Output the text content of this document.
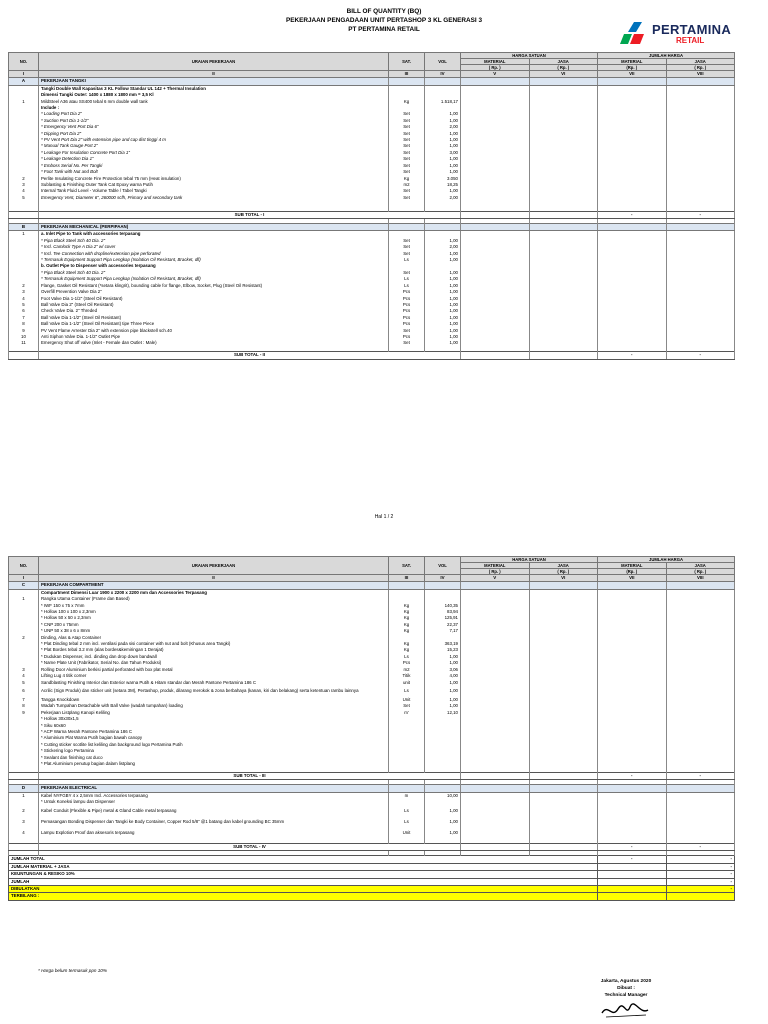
BILL OF QUANTITY (BQ)
PEKERJAAN PENGADAAN UNIT PERTASHOP 3 KL GENERASI 3
PT PERTAMINA RETAIL	PERTAMINA
RETAIL
NO.	URAIAN PEKERJAAN	SAT.	VOL	HARGA SATUAN		JUMLAH HARGA	
				MATERIAL	JASA	MATERIAL	JASA
				( Rp. )	( Rp. )	(Rp. )	( Rp. )
I	II	III	IV	V	VI	VII	VIII
A	PEKERJAAN TANGKI						
	Tangki Double Wall Kapasitas 3 KL Follow Standar UL 142 + Thermal Insulation						
	Dimensi Tangki Outer: 1400 x 1880 x 1800 mm = 3,5 Kl						
1	MildSteel A36 atau SS400 tebal 6 mm double wall tank	Kg	1.518,17				
	Include :						
	* Loading Port Dia 2"	Set	1,00				
	* Suction Port Dia 1-1/2"	Set	1,00				
	* Emergency Vent Port Dia 6"	Set	2,00				
	* Dipping Port Dia 2"	Set	1,00				
	* PV Vent Port Dia 2" with extension pipe and cap dist tinggi 4 m	Set	1,00				
	* Manual Tank Gauge Port 2"	Set	1,00				
	* Leakage For Insulation Concrete Port Dia 1"	Set	3,00				
	* Leakage Detection Dia 1"	Set	1,00				
	* Emboss Serial No. Per Tangki	Set	1,00				
	* Foot Tank with Nut and Bolt	Set	1,00				
2	Perlite Insulating Concrete Fire Protection tebal 75 mm (Heat insulation)	Kg	3.050				
3	Sublasting & Finishing Outer Tank Cat Epoxy warna Putih	m2	18,25				
4	Internal Tank Fluid Level - Volume Table / Tabel Tangki	Set	1,00				
5	Emergency Vent, Diameter 6", 260000 scfh, Primary and secondary tank	Set	2,00				

	SUB TOTAL - I					-	-

B	PEKERJAAN MECHANICAL (PERPIPAAN)						
1	a. Inlet Pipe to Tank with accessories terpasang						
	* Pipa Black Steel Sch 40 Dia. 2"	Set	1,00				
	* Incl. Camlock Type A Dia 2" w/ cover	Set	2,00				
	* Incl. Tee Connection with dropline/extension pipe perforated	Set	1,00				
	* Termasuk Equipment Support Pipa Lengkap (Isolation Oil Resistant, Bracket, dll)	Ls	1,00				
	b. Outlet Pipe to Dispenser with accessories terpasang						
	* Pipa Black Steel Sch 40 Dia. 2"	Set	1,00				
	* Termasuk Equipment Support Pipa Lengkap (Isolation Oil Resistant, Bracket, dll)	Ls	1,00				
2	Flange, Gasket Oil Resistant (*setara klingrit), bounding cable for flange, Elbow, Socket, Plug (Steel Oil Resistant)	Ls	1,00				
3	Overfill Prevention Valve Dia 2"	Pcs	1,00				
4	Foot Valve Dia 1-1/2" (Steel Oil Resistant)	Pcs	1,00				
5	Ball Valve Dia 2" (Steel Oil Resistant)	Pcs	1,00				
6	Check Valve Dia. 2" Threded	Pcs	1,00				
7	Ball Valve Dia 1-1/2" (Steel Oil Resistant)	Pcs	1,00				
8	Ball Valve Dia 1-1/2" (Steel Oil Resistant) tipe Three Piece	Pcs	1,00				
9	PV Vent Flame Arrester Dia 2" with extension pipe blackstell sch.40	Set	1,00				
10	Anti Siphon Valve Dia. 1-1/2" Outlet Pipe	Pcs	1,00				
11	Emergency Shut off valve (Inlet - Female dan Outlet : Male)	Set	1,00				

	SUB TOTAL - II					-	-
Hal 1 / 2
NO.	URAIAN PEKERJAAN	SAT.	VOL	HARGA SATUAN		JUMLAH HARGA	
				MATERIAL	JASA	MATERIAL	JASA
				( Rp. )	( Rp. )	(Rp. )	( Rp. )
I	II	III	IV	V	VI	VII	VIII
C	PEKERJAAN COMPARTMENT						
	Compartment Dimensi Luar 1900 x 2200 x 2200 mm dan Accessories Terpasang						
1	Rangka Utama Container (Frame dan Based)						
	* IWF 150 x 75 x 7mm	Kg	140,35				
	* Hollow 100 x 100 x 2,3mm	Kg	83,94				
	* Hollow 50 x 50 x 2,3mm	Kg	125,91				
	* CNP 200 x 75mm	Kg	22,37				
	* UNP 50 x 38 x 6 x 8mm	Kg	7,17				
2	Dinding, Alas & Atap Container						
	* Plat Dinding tebal 2 mm incl. ventilasi pada sisi container with nut and bolt (Khusus area Tangki)	Kg	363,19				
	* Plat Bordes tebal 3.2 mm (alas bordes&kemiringan 1 Derajat)	Kg	15,23				
	* Dudukan Dispenser, incl. dinding dan drop down bandwall	Ls	1,00				
	* Name Plate Unit (Fabrikator, Serial No. dan Tahun Produksi)	Pcs	1,00				
3	Rolling Door Aluminium berkisi partial perforated with box plat metal	m2	3,06				
4	Lifting Lug 4 titik corner	Titik	4,00				
5	Sandblasting Finishing Interior dan Exterior warna Putih & Hitam standar dan Merah Pantone Pertamina 186 C	unit	1,00				
6	Acrilic (Sign Produk) dan sticker unit (setara 3M), Pertashop, produk, dilarang merokok & zona berbahaya (kanan, kiri dan belakang) serta ketentuan rambu lainnya	Ls	1,00				
7	Tangga Knockdown	Unit	1,00				
8	Wadah Tumpahan Detachable with Ball Valve (wadah tumpahan) loading	Set	1,00				
9	Pekerjaan Listplang Kanopi Keliling	m'	12,10				
	* Hollow 30x30x1,5						
	* Siku 60x60						
	* ACP Warna Merah Pantone Pertamina 186 C						
	* Aluminium Plat Warna Putih bagian bawah canopy						
	* Cutting sticker scotlite list keliling dan background logo Pertamina Putih						
	* Stickering logo Pertamina						
	* Sealant dan finishing cat duco						
	* Plat Aluminium penutup bagian dalam listplang						

	SUB TOTAL - III					-	-

D	PEKERJAAN ELECTRICAL						
1	Kabel NYFGBY 4 x 2,5mm Incl. Accessories terpasang	m	10,00				
	* Untuk Koneksi lampu dan Dispenser						
2	Kabel Conduit (Flexible & Pipe) metal & Gland Cable metal terpasang	Ls	1,00				
3	Pemasangan Bonding Dispenser dan Tangki ke Body Container, Copper Rod 5/8" @1 batang dan kabel grounding BC 35mm	Ls	1,00				
4	Lampu Explotion Proof dan aksesoris terpasang	Unit	1,00				

	SUB TOTAL - IV					-	-

JUMLAH TOTAL						-	-
JUMLAH MATERIAL + JASA							-
KEUNTUNGAN & RESIKO 10%							-
JUMLAH							-
DIBULATKAN							-
TERBILANG :							
* Harga belum termasuk ppn 10%
Jakarta, Agustus 2020
Dibuat :
Technical Manager
